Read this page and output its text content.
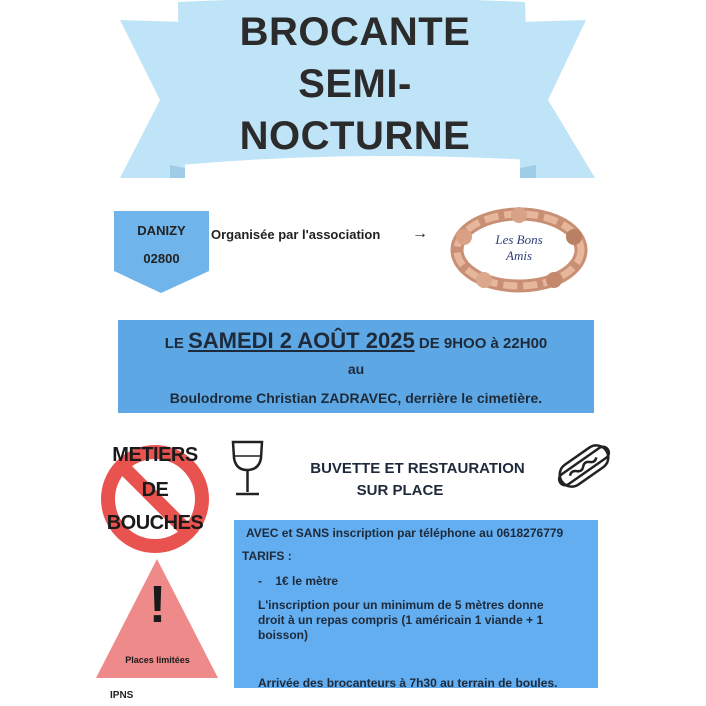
BROCANTE
SEMI-
NOCTURNE
DANIZY
02800
Organisée par l'association →	Les Bons
Amis
LE SAMEDI 2 AOÛT 2025 DE 9HOO à 22H00
au
Boulodrome Christian ZADRAVEC, derrière le cimetière.
METIERS
DE
BOUCHES
!
Places limitées
BUVETTE ET RESTAURATION
SUR PLACE
AVEC et SANS inscription par téléphone au 0618276779
TARIFS :
-    1€ le mètre
L'inscription pour un minimum de 5 mètres donne
droit à un repas compris (1 américain 1 viande + 1
boisson)
Arrivée des brocanteurs à 7h30 au terrain de boules.
IPNS
